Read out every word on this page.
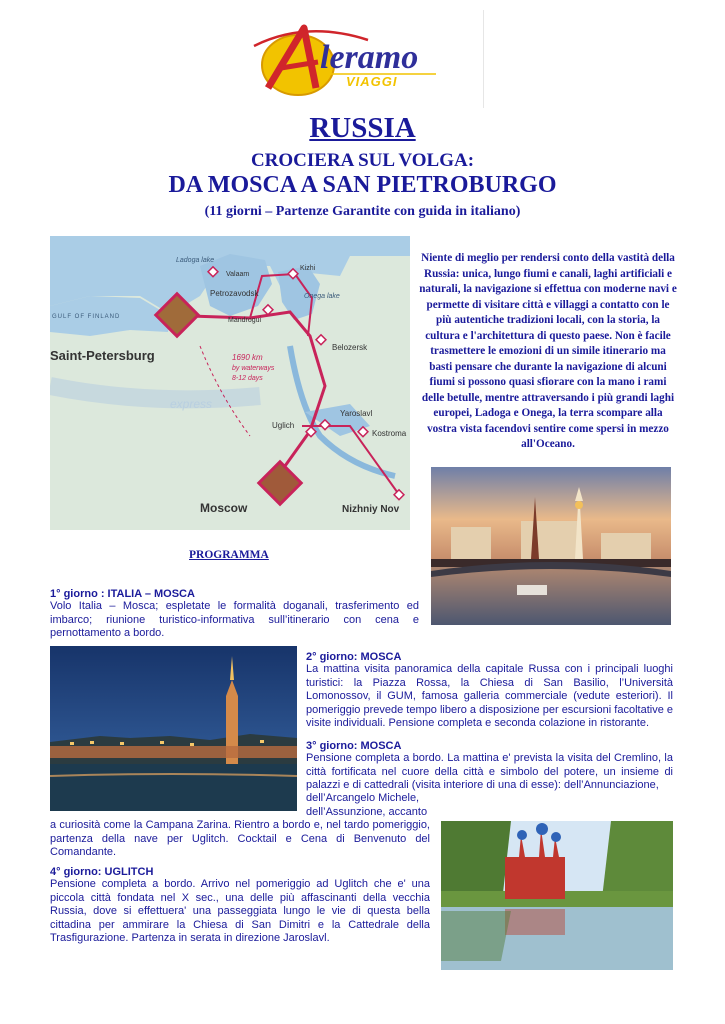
leramo
VIAGGI
RUSSIA
CROCIERA SUL VOLGA:
DA MOSCA A SAN PIETROBURGO
(11 giorni – Partenze Garantite con guida in italiano)
Ladoga lake
GULF OF FINLAND
Valaam
Kizhi
Petrozavodsk	Onega lake
Mandrogui
Belozersk
Saint-Petersburg	1690 km
by waterways
8-12 days
express
Yaroslavl
Uglich
Kostroma
Moscow	Nizhniy Nov
Niente di meglio per rendersi conto della vastità della Russia: unica, lungo fiumi e canali, laghi artificiali e naturali, la navigazione si effettua con moderne navi e permette di visitare città e villaggi a contatto con le più autentiche tradizioni locali, con la storia, la cultura e l'architettura di questo paese. Non è facile trasmettere le emozioni di un simile itinerario ma basti pensare che durante la navigazione di alcuni fiumi si possono quasi sfiorare con la mano i rami delle betulle, mentre attraversando i più grandi laghi europei, Ladoga e Onega, la terra scompare alla vostra vista facendovi sentire come spersi in mezzo all'Oceano.
PROGRAMMA
1° giorno : ITALIA – MOSCA
Volo Italia – Mosca; espletate le formalità doganali, trasferimento ed imbarco; riunione turistico-informativa sull’itinerario con cena e pernottamento a bordo.
2° giorno: MOSCA
La mattina visita panoramica della capitale Russa con i principali luoghi turistici: la Piazza Rossa, la Chiesa di San Basilio, l’Università Lomonossov, il GUM, famosa galleria commerciale (vedute esteriori). Il pomeriggio prevede tempo libero a disposizione per escursioni facoltative e visite individuali. Pensione completa e seconda colazione in ristorante.
3° giorno: MOSCA
Pensione completa a bordo. La mattina e' prevista la visita del Cremlino, la città fortificata nel cuore della città e simbolo del potere, un insieme di palazzi e di cattedrali (visita interiore di una di esse): dell’Annunciazione,
dell’Arcangelo Michele,
dell’Assunzione, accanto
a curiosità come la Campana Zarina. Rientro a bordo e, nel tardo pomeriggio, partenza della nave per Uglitch. Cocktail e Cena di Benvenuto del Comandante.
4° giorno: UGLITCH
Pensione completa a bordo. Arrivo nel pomeriggio ad Uglitch che e' una piccola città fondata nel X sec., una delle più affascinanti della vecchia Russia, dove si effettuera' una passeggiata lungo le vie di questa bella cittadina per ammirare la Chiesa di San Dimitri e la Cattedrale della Trasfigurazione. Partenza in serata in direzione Jaroslavl.
